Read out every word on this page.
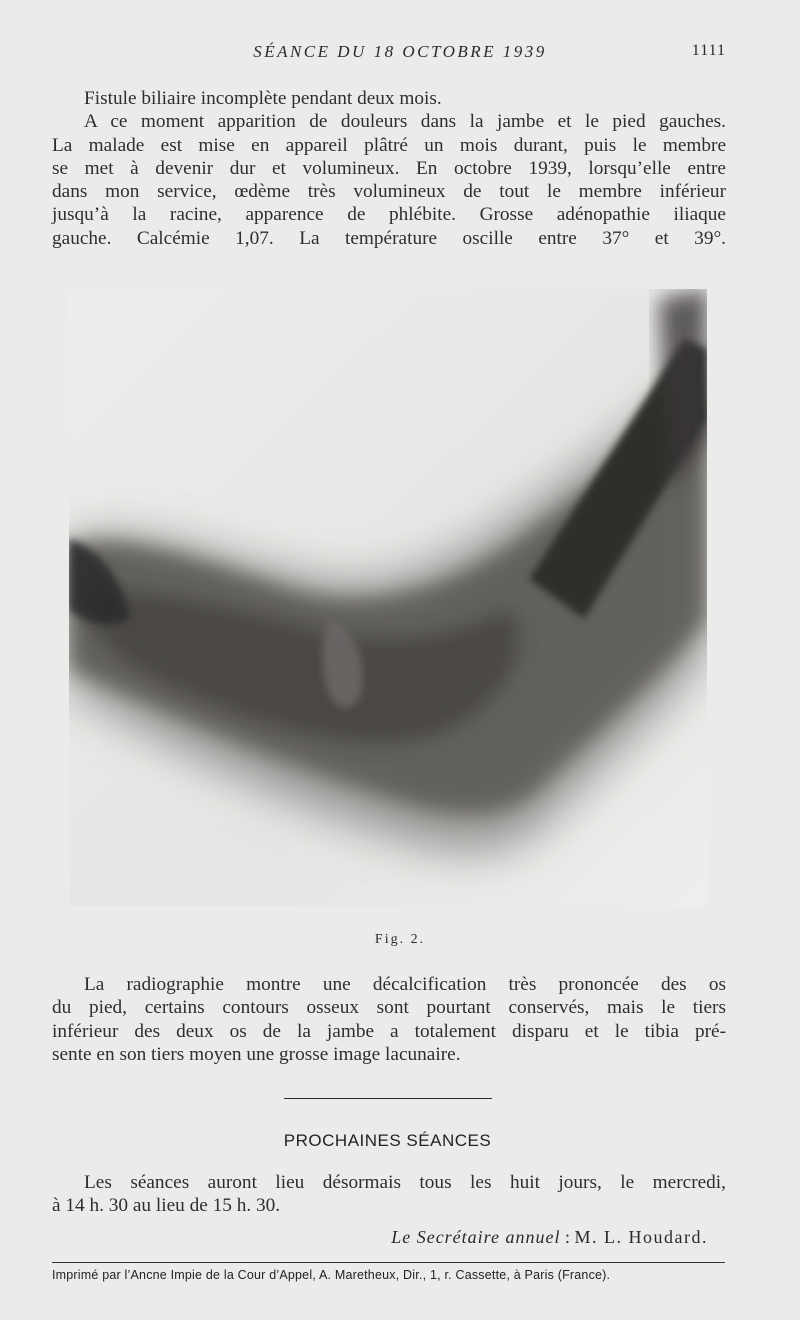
SÉANCE DU 18 OCTOBRE 1939	1111
Fistule biliaire incomplète pendant deux mois.
A ce moment apparition de douleurs dans la jambe et le pied gauches.
La malade est mise en appareil plâtré un mois durant, puis le membre
se met à devenir dur et volumineux. En octobre 1939, lorsqu’elle entre
dans mon service, œdème très volumineux de tout le membre inférieur
jusqu’à la racine, apparence de phlébite. Grosse adénopathie iliaque
gauche. Calcémie 1,07. La température oscille entre 37° et 39°.
Fig. 2.
La radiographie montre une décalcification très prononcée des os
du pied, certains contours osseux sont pourtant conservés, mais le tiers
inférieur des deux os de la jambe a totalement disparu et le tibia pré-
sente en son tiers moyen une grosse image lacunaire.
PROCHAINES SÉANCES
Les séances auront lieu désormais tous les huit jours, le mercredi,
à 14 h. 30 au lieu de 15 h. 30.
Le Secrétaire annuel : M. L. Houdard.
Imprimé par l’Ancne Impie de la Cour d’Appel, A. Maretheux, Dir., 1, r. Cassette, à Paris (France).
